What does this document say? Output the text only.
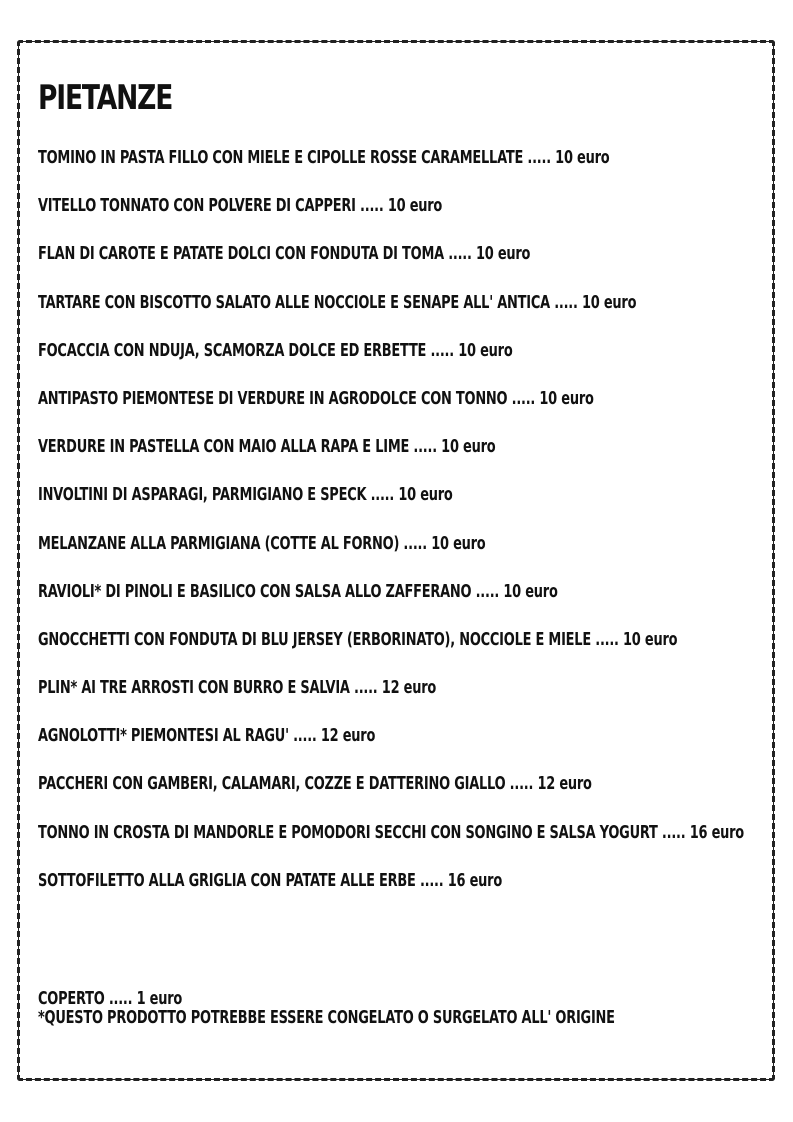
PIETANZE
TOMINO IN PASTA FILLO CON MIELE E CIPOLLE ROSSE CARAMELLATE ..... 10 euro
VITELLO TONNATO CON POLVERE DI CAPPERI ..... 10 euro
FLAN DI CAROTE E PATATE DOLCI CON FONDUTA DI TOMA ..... 10 euro
TARTARE CON BISCOTTO SALATO ALLE NOCCIOLE E SENAPE ALL' ANTICA ..... 10 euro
FOCACCIA CON NDUJA, SCAMORZA DOLCE ED ERBETTE ..... 10 euro
ANTIPASTO PIEMONTESE DI VERDURE IN AGRODOLCE CON TONNO ..... 10 euro
VERDURE IN PASTELLA CON MAIO ALLA RAPA E LIME ..... 10 euro
INVOLTINI DI ASPARAGI, PARMIGIANO E SPECK ..... 10 euro
MELANZANE ALLA PARMIGIANA (COTTE AL FORNO) ..... 10 euro
RAVIOLI* DI PINOLI E BASILICO CON SALSA ALLO ZAFFERANO ..... 10 euro
GNOCCHETTI CON FONDUTA DI BLU JERSEY (ERBORINATO), NOCCIOLE E MIELE ..... 10 euro
PLIN* AI TRE ARROSTI CON BURRO E SALVIA ..... 12 euro
AGNOLOTTI* PIEMONTESI AL RAGU' ..... 12 euro
PACCHERI CON GAMBERI, CALAMARI, COZZE E DATTERINO GIALLO ..... 12 euro
TONNO IN CROSTA DI MANDORLE E POMODORI SECCHI CON SONGINO E SALSA YOGURT ..... 16 euro
SOTTOFILETTO ALLA GRIGLIA CON PATATE ALLE ERBE ..... 16 euro
COPERTO ..... 1 euro
*QUESTO PRODOTTO POTREBBE ESSERE CONGELATO O SURGELATO ALL' ORIGINE
